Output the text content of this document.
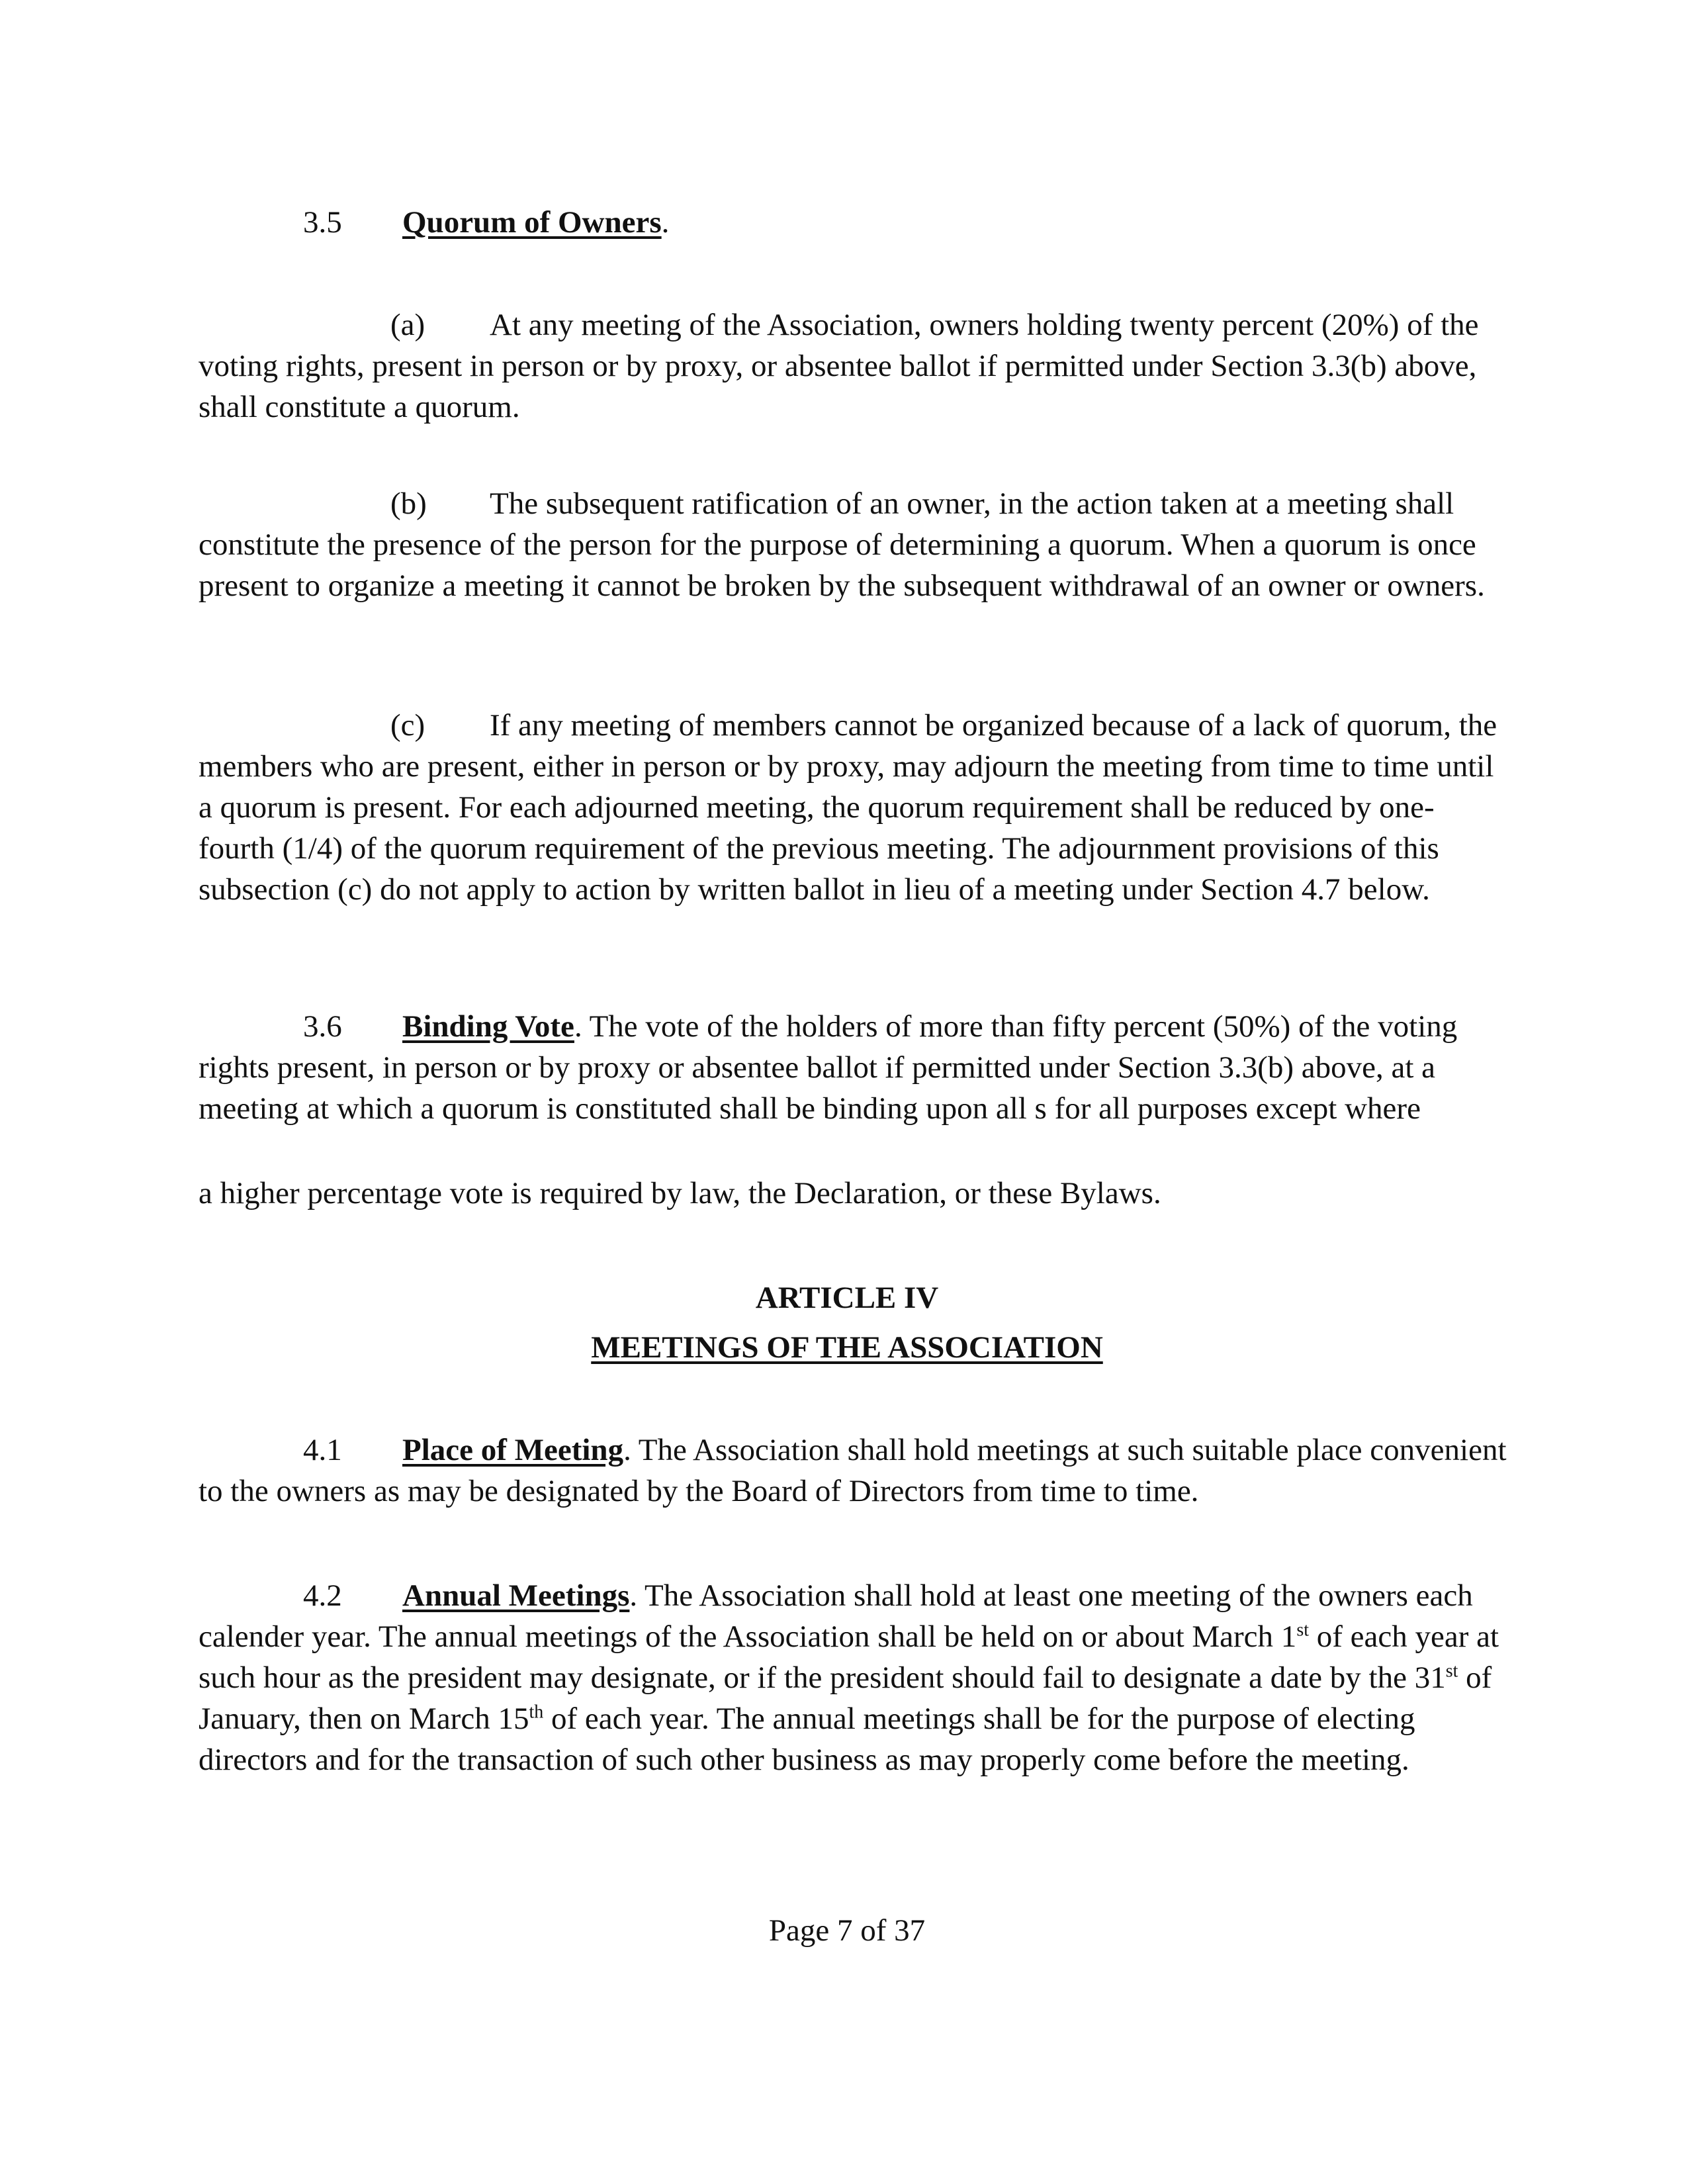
3.5 Quorum of Owners.

(a) At any meeting of the Association, owners holding twenty percent (20%) of the voting rights, present in person or by proxy, or absentee ballot if permitted under Section 3.3(b) above, shall constitute a quorum.

(b) The subsequent ratification of an owner, in the action taken at a meeting shall constitute the presence of the person for the purpose of determining a quorum. When a quorum is once present to organize a meeting it cannot be broken by the subsequent withdrawal of an owner or owners.

(c) If any meeting of members cannot be organized because of a lack of quorum, the members who are present, either in person or by proxy, may adjourn the meeting from time to time until a quorum is present. For each adjourned meeting, the quorum requirement shall be reduced by one-fourth (1/4) of the quorum requirement of the previous meeting. The adjournment provisions of this subsection (c) do not apply to action by written ballot in lieu of a meeting under Section 4.7 below.

3.6 Binding Vote. The vote of the holders of more than fifty percent (50%) of the voting rights present, in person or by proxy or absentee ballot if permitted under Section 3.3(b) above, at a meeting at which a quorum is constituted shall be binding upon all s for all purposes except where

a higher percentage vote is required by law, the Declaration, or these Bylaws.

ARTICLE IV
MEETINGS OF THE ASSOCIATION

4.1 Place of Meeting. The Association shall hold meetings at such suitable place convenient to the owners as may be designated by the Board of Directors from time to time.

4.2 Annual Meetings. The Association shall hold at least one meeting of the owners each calender year. The annual meetings of the Association shall be held on or about March 1st of each year at such hour as the president may designate, or if the president should fail to designate a date by the 31st of January, then on March 15th of each year. The annual meetings shall be for the purpose of electing directors and for the transaction of such other business as may properly come before the meeting.

Page 7 of 37
